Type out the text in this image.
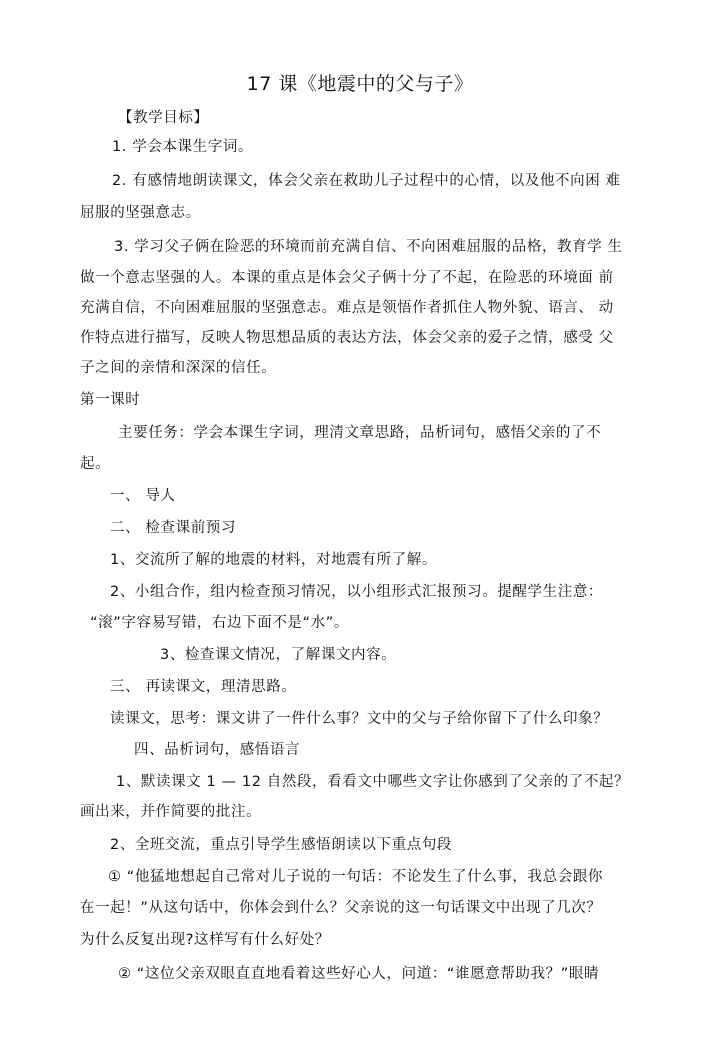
17 课《地震中的父与子》
【教学目标】
1. 学会本课生字词。
2. 有感情地朗读课文，体会父亲在救助儿子过程中的心情，以及他不向困 难
屈服的坚强意志。
3. 学习父子俩在险恶的环境而前充满自信、不向困难屈服的品格，教育学 生
做一个意志坚强的人。本课的重点是体会父子俩十分了不起，在险恶的环境面 前
充满自信，不向困难屈服的坚强意志。难点是领悟作者抓住人物外貌、语言、 动
作特点进行描写，反映人物思想品质的表达方法，体会父亲的爱子之情，感受 父
子之间的亲情和深深的信任。
第一课时
主要任务：学会本课生字词，理清文章思路，品析词句，感悟父亲的了不
起。
一、 导人
二、 检查课前预习
1、交流所了解的地震的材料，对地震有所了解。
2、小组合作，组内检查预习情况，以小组形式汇报预习。提醒学生注意：
“滚”字容易写错，右边下面不是“水”。
3、检查课文情况，了解课文内容。
三、 再读课文，理清思路。
读课文，思考：课文讲了一件什么事？文中的父与子给你留下了什么印象？
四、品析词句，感悟语言
1、默读课文 1 — 12 自然段，看看文中哪些文字让你感到了父亲的了不起？
画出来，并作简要的批注。
2、全班交流，重点引导学生感悟朗读以下重点句段
① “他猛地想起自己常对儿子说的一句话：不论发生了什么事，我总会跟你
在一起！”从这句话中，你体会到什么？父亲说的这一句话课文中出现了几次？
为什么反复出现?这样写有什么好处？
② “这位父亲双眼直直地看着这些好心人，问道：“谁愿意帮助我？”眼睛
